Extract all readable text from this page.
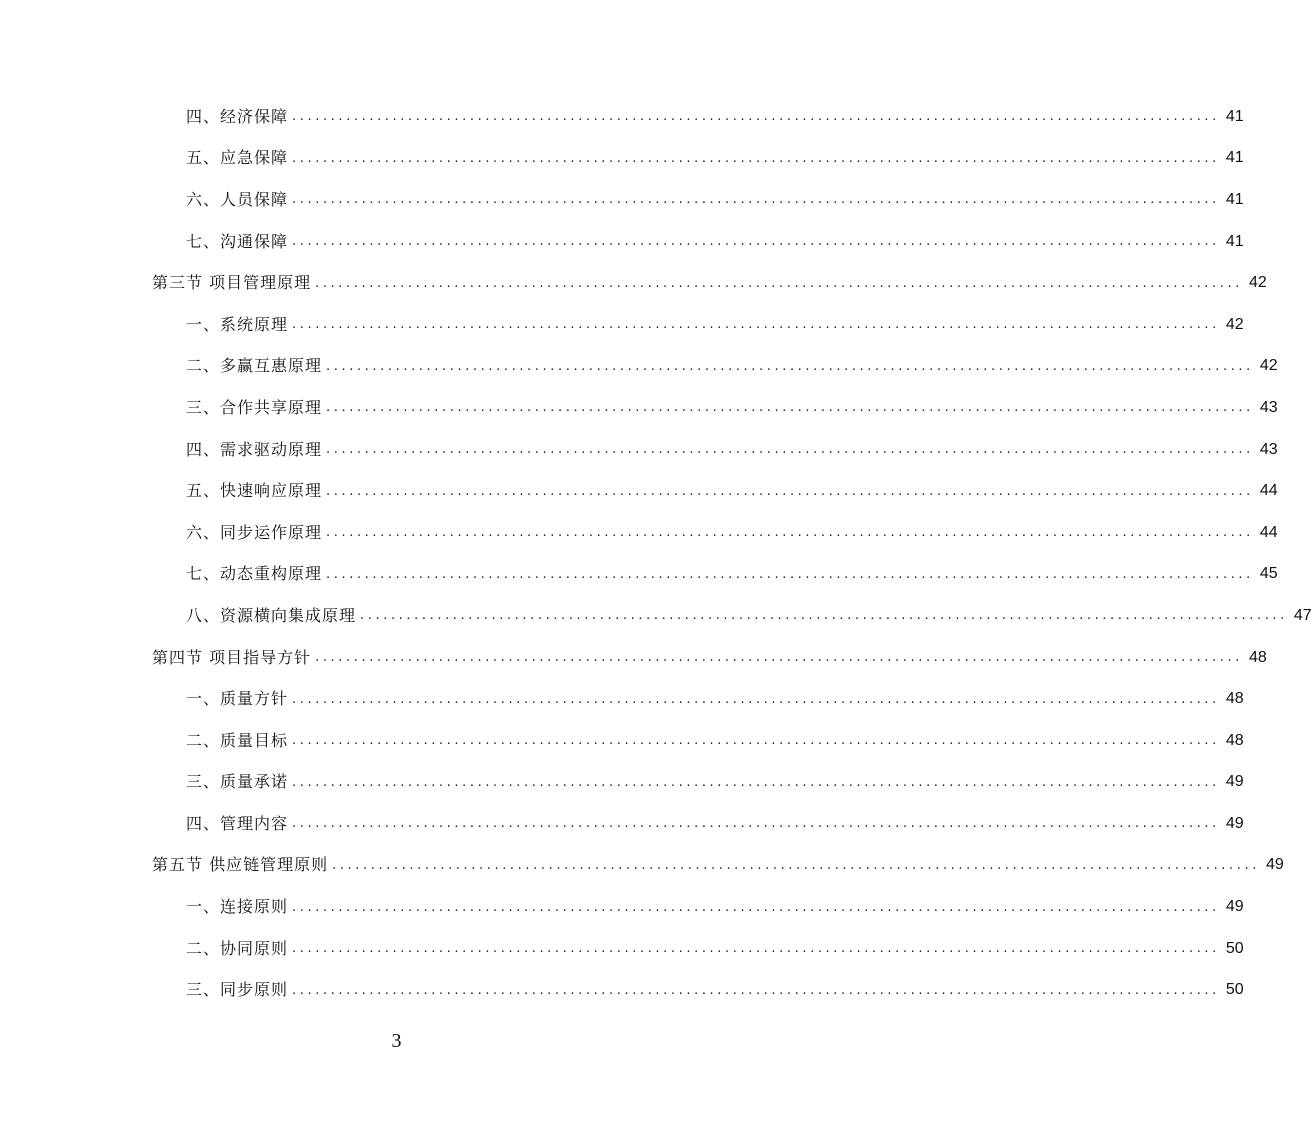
四、经济保障 ........................................................................................................................ 41
五、应急保障 ........................................................................................................................ 41
六、人员保障 ........................................................................................................................ 41
七、沟通保障 ........................................................................................................................ 41
第三节 项目管理原理 ........................................................................................................................ 42
一、系统原理 ........................................................................................................................ 42
二、多赢互惠原理 ........................................................................................................................ 42
三、合作共享原理 ........................................................................................................................ 43
四、需求驱动原理 ........................................................................................................................ 43
五、快速响应原理 ........................................................................................................................ 44
六、同步运作原理 ........................................................................................................................ 44
七、动态重构原理 ........................................................................................................................ 45
八、资源横向集成原理 ........................................................................................................................ 47
第四节 项目指导方针 ........................................................................................................................ 48
一、质量方针 ........................................................................................................................ 48
二、质量目标 ........................................................................................................................ 48
三、质量承诺 ........................................................................................................................ 49
四、管理内容 ........................................................................................................................ 49
第五节 供应链管理原则 ........................................................................................................................ 49
一、连接原则 ........................................................................................................................ 49
二、协同原则 ........................................................................................................................ 50
三、同步原则 ........................................................................................................................ 50
3
